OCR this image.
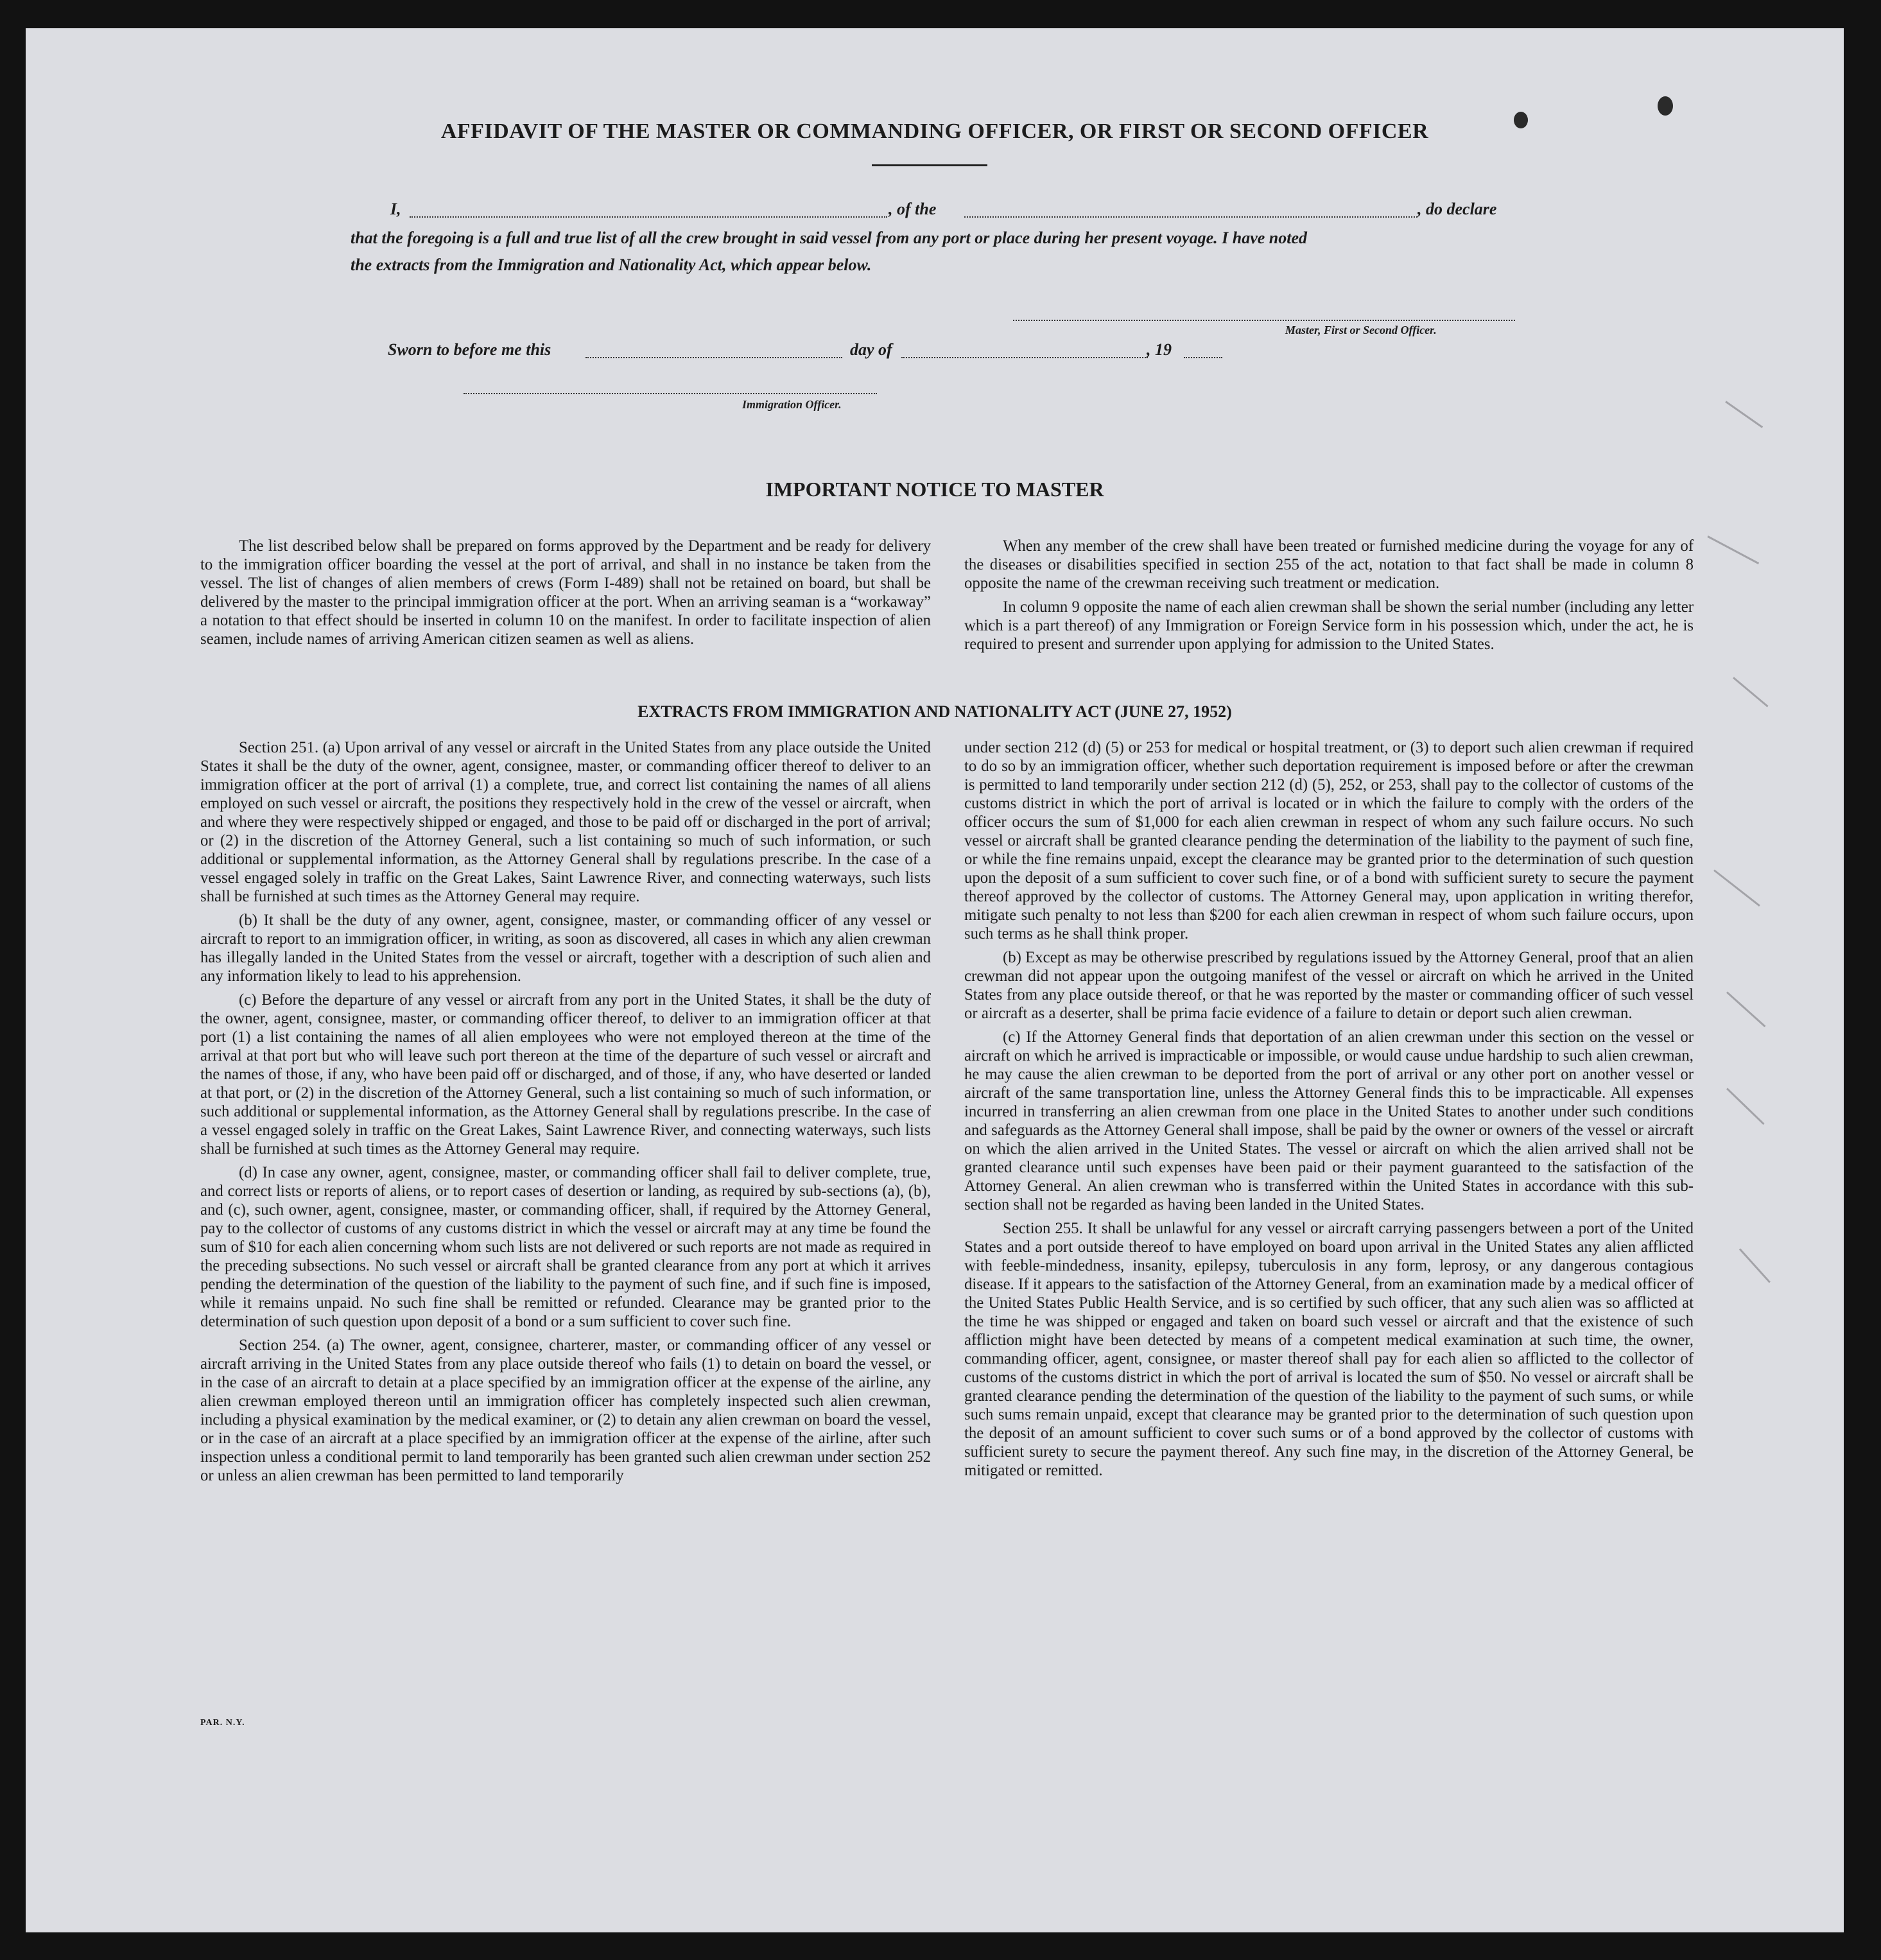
AFFIDAVIT OF THE MASTER OR COMMANDING OFFICER, OR FIRST OR SECOND OFFICER
I,	, of the	, do declare
that the foregoing is a full and true list of all the crew brought in said vessel from any port or place during her present voyage. I have noted
the extracts from the Immigration and Nationality Act, which appear below.
Master, First or Second Officer.
Sworn to before me this	day of	, 19
Immigration Officer.
IMPORTANT NOTICE TO MASTER

The list described below shall be prepared on forms approved by the Department and be ready for delivery to the immigration officer boarding the vessel at the port of arrival, and shall in no instance be taken from the vessel. The list of changes of alien members of crews (Form I-489) shall not be retained on board, but shall be delivered by the master to the principal immigration officer at the port. When an arriving seaman is a “workaway” a notation to that effect should be inserted in column 10 on the manifest. In order to facilitate inspection of alien seamen, include names of arriving American citizen seamen as well as aliens.

When any member of the crew shall have been treated or furnished medicine during the voyage for any of the diseases or disabilities specified in section 255 of the act, notation to that fact shall be made in column 8 opposite the name of the crewman receiving such treatment or medication.

In column 9 opposite the name of each alien crewman shall be shown the serial number (including any letter which is a part thereof) of any Immigration or Foreign Service form in his possession which, under the act, he is required to present and surrender upon applying for admission to the United States.

EXTRACTS FROM IMMIGRATION AND NATIONALITY ACT (JUNE 27, 1952)

Section 251. (a) Upon arrival of any vessel or aircraft in the United States from any place outside the United States it shall be the duty of the owner, agent, consignee, master, or commanding officer thereof to deliver to an immigration officer at the port of arrival (1) a complete, true, and correct list containing the names of all aliens employed on such vessel or aircraft, the positions they respectively hold in the crew of the vessel or aircraft, when and where they were respectively shipped or engaged, and those to be paid off or discharged in the port of arrival; or (2) in the discretion of the Attorney General, such a list containing so much of such information, or such additional or supplemental information, as the Attorney General shall by regulations prescribe. In the case of a vessel engaged solely in traffic on the Great Lakes, Saint Lawrence River, and connecting waterways, such lists shall be furnished at such times as the Attorney General may require.

(b) It shall be the duty of any owner, agent, consignee, master, or commanding officer of any vessel or aircraft to report to an immigration officer, in writing, as soon as discovered, all cases in which any alien crewman has illegally landed in the United States from the vessel or aircraft, together with a description of such alien and any information likely to lead to his apprehension.

(c) Before the departure of any vessel or aircraft from any port in the United States, it shall be the duty of the owner, agent, consignee, master, or commanding officer thereof, to deliver to an immigration officer at that port (1) a list containing the names of all alien employees who were not employed thereon at the time of the arrival at that port but who will leave such port thereon at the time of the departure of such vessel or aircraft and the names of those, if any, who have been paid off or discharged, and of those, if any, who have deserted or landed at that port, or (2) in the discretion of the Attorney General, such a list containing so much of such information, or such additional or supplemental information, as the Attorney General shall by regulations prescribe. In the case of a vessel engaged solely in traffic on the Great Lakes, Saint Lawrence River, and connecting waterways, such lists shall be furnished at such times as the Attorney General may require.

(d) In case any owner, agent, consignee, master, or commanding officer shall fail to deliver complete, true, and correct lists or reports of aliens, or to report cases of desertion or landing, as required by sub-sections (a), (b), and (c), such owner, agent, consignee, master, or commanding officer, shall, if required by the Attorney General, pay to the collector of customs of any customs district in which the vessel or aircraft may at any time be found the sum of $10 for each alien concerning whom such lists are not delivered or such reports are not made as required in the preceding subsections. No such vessel or aircraft shall be granted clearance from any port at which it arrives pending the determination of the question of the liability to the payment of such fine, and if such fine is imposed, while it remains unpaid. No such fine shall be remitted or refunded. Clearance may be granted prior to the determination of such question upon deposit of a bond or a sum sufficient to cover such fine.

Section 254. (a) The owner, agent, consignee, charterer, master, or commanding officer of any vessel or aircraft arriving in the United States from any place outside thereof who fails (1) to detain on board the vessel, or in the case of an aircraft to detain at a place specified by an immigration officer at the expense of the airline, any alien crewman employed thereon until an immigration officer has completely inspected such alien crewman, including a physical examination by the medical examiner, or (2) to detain any alien crewman on board the vessel, or in the case of an aircraft at a place specified by an immigration officer at the expense of the airline, after such inspection unless a conditional permit to land temporarily has been granted such alien crewman under section 252 or unless an alien crewman has been permitted to land temporarily

under section 212 (d) (5) or 253 for medical or hospital treatment, or (3) to deport such alien crewman if required to do so by an immigration officer, whether such deportation requirement is imposed before or after the crewman is permitted to land temporarily under section 212 (d) (5), 252, or 253, shall pay to the collector of customs of the customs district in which the port of arrival is located or in which the failure to comply with the orders of the officer occurs the sum of $1,000 for each alien crewman in respect of whom any such failure occurs. No such vessel or aircraft shall be granted clearance pending the determination of the liability to the payment of such fine, or while the fine remains unpaid, except the clearance may be granted prior to the determination of such question upon the deposit of a sum sufficient to cover such fine, or of a bond with sufficient surety to secure the payment thereof approved by the collector of customs. The Attorney General may, upon application in writing therefor, mitigate such penalty to not less than $200 for each alien crewman in respect of whom such failure occurs, upon such terms as he shall think proper.

(b) Except as may be otherwise prescribed by regulations issued by the Attorney General, proof that an alien crewman did not appear upon the outgoing manifest of the vessel or aircraft on which he arrived in the United States from any place outside thereof, or that he was reported by the master or commanding officer of such vessel or aircraft as a deserter, shall be prima facie evidence of a failure to detain or deport such alien crewman.

(c) If the Attorney General finds that deportation of an alien crewman under this section on the vessel or aircraft on which he arrived is impracticable or impossible, or would cause undue hardship to such alien crewman, he may cause the alien crewman to be deported from the port of arrival or any other port on another vessel or aircraft of the same transportation line, unless the Attorney General finds this to be impracticable. All expenses incurred in transferring an alien crewman from one place in the United States to another under such conditions and safeguards as the Attorney General shall impose, shall be paid by the owner or owners of the vessel or aircraft on which the alien arrived in the United States. The vessel or aircraft on which the alien arrived shall not be granted clearance until such expenses have been paid or their payment guaranteed to the satisfaction of the Attorney General. An alien crewman who is transferred within the United States in accordance with this sub-section shall not be regarded as having been landed in the United States.

Section 255. It shall be unlawful for any vessel or aircraft carrying passengers between a port of the United States and a port outside thereof to have employed on board upon arrival in the United States any alien afflicted with feeble-mindedness, insanity, epilepsy, tuberculosis in any form, leprosy, or any dangerous contagious disease. If it appears to the satisfaction of the Attorney General, from an examination made by a medical officer of the United States Public Health Service, and is so certified by such officer, that any such alien was so afflicted at the time he was shipped or engaged and taken on board such vessel or aircraft and that the existence of such affliction might have been detected by means of a competent medical examination at such time, the owner, commanding officer, agent, consignee, or master thereof shall pay for each alien so afflicted to the collector of customs of the customs district in which the port of arrival is located the sum of $50. No vessel or aircraft shall be granted clearance pending the determination of the question of the liability to the payment of such sums, or while such sums remain unpaid, except that clearance may be granted prior to the determination of such question upon the deposit of an amount sufficient to cover such sums or of a bond approved by the collector of customs with sufficient surety to secure the payment thereof. Any such fine may, in the discretion of the Attorney General, be mitigated or remitted.

PAR. N.Y.
